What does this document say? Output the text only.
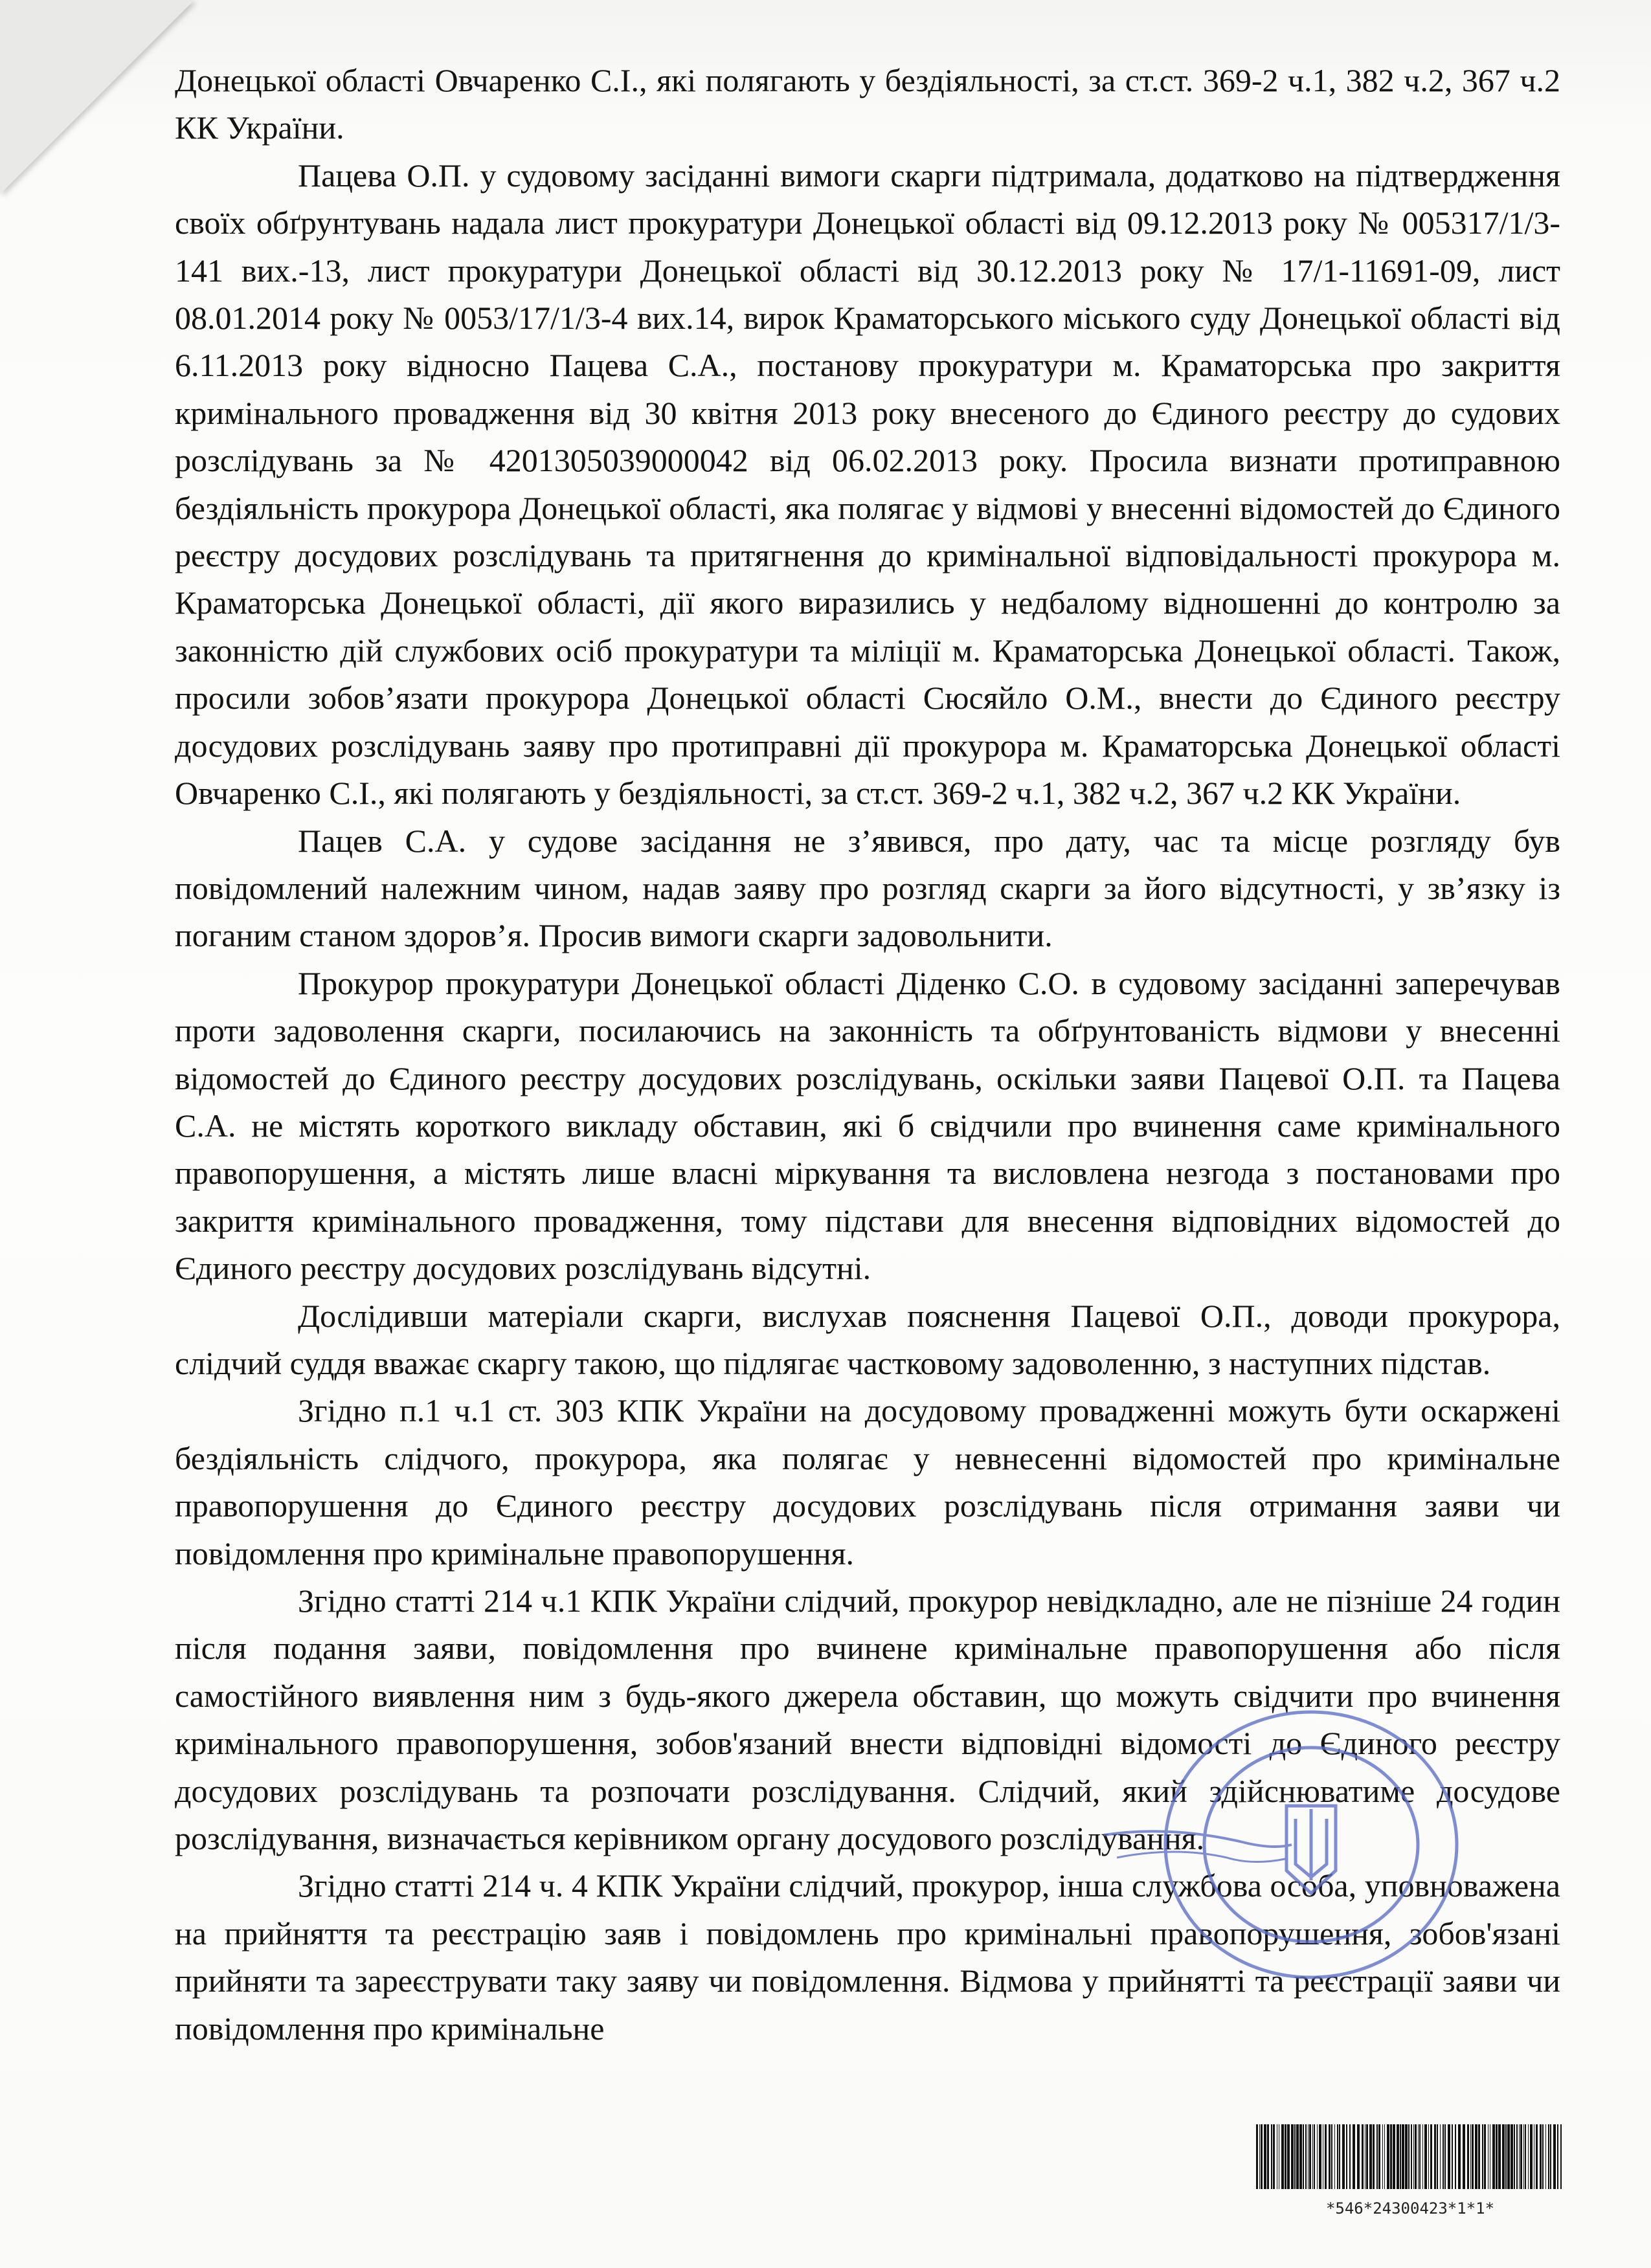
Донецької області Овчаренко С.І., які полягають у бездіяльності, за ст.ст. 369-2 ч.1, 382 ч.2, 367 ч.2 КК України.

Пацева О.П. у судовому засіданні вимоги скарги підтримала, додатково на підтвердження своїх обґрунтувань надала лист прокуратури Донецької області від 09.12.2013 року № 005317/1/3-141 вих.-13, лист прокуратури Донецької області від 30.12.2013 року № 17/1-11691-09, лист 08.01.2014 року № 0053/17/1/3-4 вих.14, вирок Краматорського міського суду Донецької області від 6.11.2013 року відносно Пацева С.А., постанову прокуратури м. Краматорська про закриття кримінального провадження від 30 квітня 2013 року внесеного до Єдиного реєстру до судових розслідувань за № 4201305039000042 від 06.02.2013 року. Просила визнати протиправною бездіяльність прокурора Донецької області, яка полягає у відмові у внесенні відомостей до Єдиного реєстру досудових розслідувань та притягнення до кримінальної відповідальності прокурора м. Краматорська Донецької області, дії якого виразились у недбалому відношенні до контролю за законністю дій службових осіб прокуратури та міліції м. Краматорська Донецької області. Також, просили зобов’язати прокурора Донецької області Сюсяйло О.М., внести до Єдиного реєстру досудових розслідувань заяву про протиправні дії прокурора м. Краматорська Донецької області Овчаренко С.І., які полягають у бездіяльності, за ст.ст. 369-2 ч.1, 382 ч.2, 367 ч.2 КК України.

Пацев С.А. у судове засідання не з’явився, про дату, час та місце розгляду був повідомлений належним чином, надав заяву про розгляд скарги за його відсутності, у зв’язку із поганим станом здоров’я. Просив вимоги скарги задовольнити.

Прокурор прокуратури Донецької області Діденко С.О. в судовому засіданні заперечував проти задоволення скарги, посилаючись на законність та обґрунтованість відмови у внесенні відомостей до Єдиного реєстру досудових розслідувань, оскільки заяви Пацевої О.П. та Пацева С.А. не містять короткого викладу обставин, які б свідчили про вчинення саме кримінального правопорушення, а містять лише власні міркування та висловлена незгода з постановами про закриття кримінального провадження, тому підстави для внесення відповідних відомостей до Єдиного реєстру досудових розслідувань відсутні.

Дослідивши матеріали скарги, вислухав пояснення Пацевої О.П., доводи прокурора, слідчий суддя вважає скаргу такою, що підлягає частковому задоволенню, з наступних підстав.

Згідно п.1 ч.1 ст. 303 КПК України на досудовому провадженні можуть бути оскаржені бездіяльність слідчого, прокурора, яка полягає у невнесенні відомостей про кримінальне правопорушення до Єдиного реєстру досудових розслідувань після отримання заяви чи повідомлення про кримінальне правопорушення.

Згідно статті 214 ч.1 КПК України слідчий, прокурор невідкладно, але не пізніше 24 годин після подання заяви, повідомлення про вчинене кримінальне правопорушення або після самостійного виявлення ним з будь-якого джерела обставин, що можуть свідчити про вчинення кримінального правопорушення, зобов'язаний внести відповідні відомості до Єдиного реєстру досудових розслідувань та розпочати розслідування. Слідчий, який здійснюватиме досудове розслідування, визначається керівником органу досудового розслідування.

Згідно статті 214 ч. 4 КПК України слідчий, прокурор, інша службова особа, уповноважена на прийняття та реєстрацію заяв і повідомлень про кримінальні правопорушення, зобов'язані прийняти та зареєструвати таку заяву чи повідомлення. Відмова у прийнятті та реєстрації заяви чи повідомлення про кримінальне

*546*24300423*1*1*
